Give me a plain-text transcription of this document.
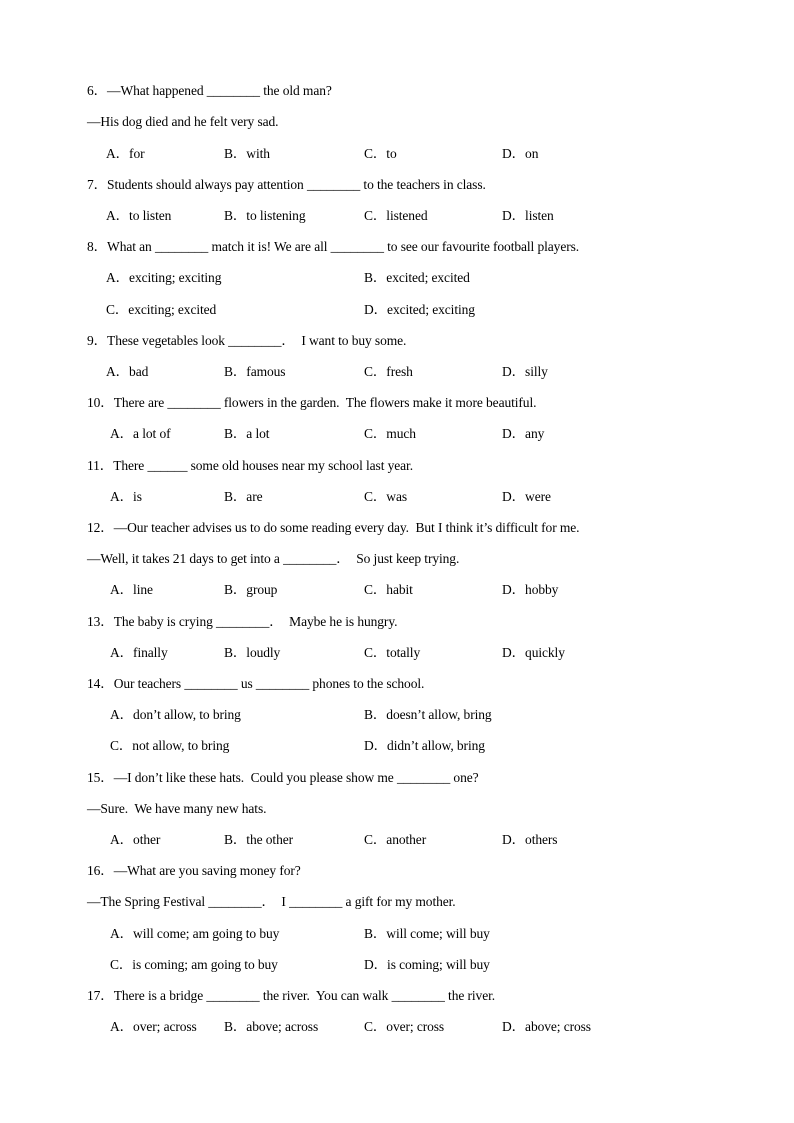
6．—What happened ________ the old man?
—His dog died and he felt very sad.
A．for	B．with	C．to	D．on
7．Students should always pay attention ________ to the teachers in class.
A．to listen	B．to listening	C．listened	D．listen
8．What an ________ match it is! We are all ________ to see our favourite football players.
A．exciting; exciting	B．excited; excited
C．exciting; excited	D．excited; exciting
9．These vegetables look ________．  I want to buy some.
A．bad	B．famous	C．fresh	D．silly
10．There are ________ flowers in the garden.  The flowers make it more beautiful.
A．a lot of	B．a lot	C．much	D．any
11．There ______ some old houses near my school last year.
A．is	B．are	C．was	D．were
12．—Our teacher advises us to do some reading every day.  But I think it’s difficult for me.
—Well, it takes 21 days to get into a ________．  So just keep trying.
A．line	B．group	C．habit	D．hobby
13．The baby is crying ________．  Maybe he is hungry.
A．finally	B．loudly	C．totally	D．quickly
14．Our teachers ________ us ________ phones to the school.
A．don’t allow, to bring	B．doesn’t allow, bring
C．not allow, to bring	D．didn’t allow, bring
15．—I don’t like these hats.  Could you please show me ________ one?
—Sure.  We have many new hats.
A．other	B．the other	C．another	D．others
16．—What are you saving money for?
—The Spring Festival ________．  I ________ a gift for my mother.
A．will come; am going to buy	B．will come; will buy
C．is coming; am going to buy	D．is coming; will buy
17．There is a bridge ________ the river.  You can walk ________ the river.
A．over; across B．above; across	C．over; cross	D．above; cross
